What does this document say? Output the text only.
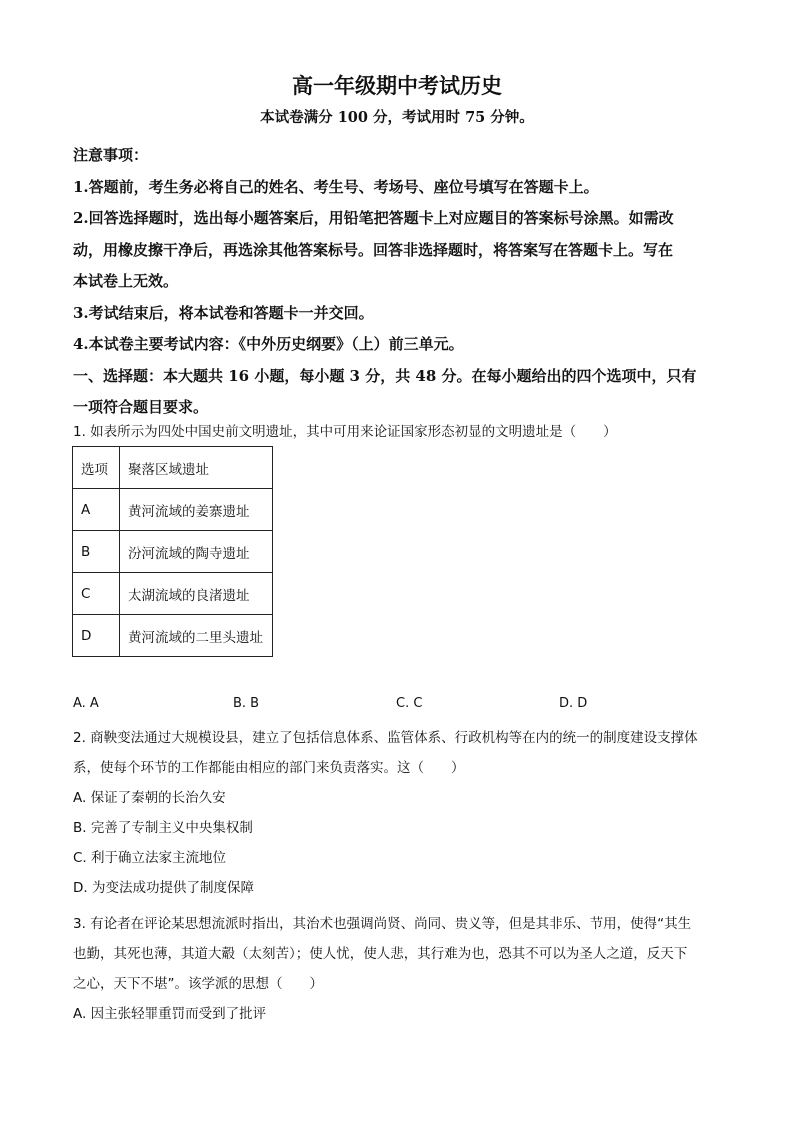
高一年级期中考试历史
本试卷满分 100 分，考试用时 75 分钟。

注意事项：

1.答题前，考生务必将自己的姓名、考生号、考场号、座位号填写在答题卡上。

2.回答选择题时，选出每小题答案后，用铅笔把答题卡上对应题目的答案标号涂黑。如需改

动，用橡皮擦干净后，再选涂其他答案标号。回答非选择题时，将答案写在答题卡上。写在

本试卷上无效。

3.考试结束后，将本试卷和答题卡一并交回。

4.本试卷主要考试内容：《中外历史纲要》（上）前三单元。

一、选择题：本大题共 16 小题，每小题 3 分，共 48 分。在每小题给出的四个选项中，只有

一项符合题目要求。

1. 如表所示为四处中国史前文明遗址，其中可用来论证国家形态初显的文明遗址是（　　）
选项	聚落区域遗址
A	黄河流域的姜寨遗址
B	汾河流域的陶寺遗址
C	太湖流域的良渚遗址
D	黄河流域的二里头遗址
A. A	B. B	C. C	D. D

2. 商鞅变法通过大规模设县，建立了包括信息体系、监管体系、行政机构等在内的统一的制度建设支撑体

系，使每个环节的工作都能由相应的部门来负责落实。这（　　）

A. 保证了秦朝的长治久安

B. 完善了专制主义中央集权制

C. 利于确立法家主流地位

D. 为变法成功提供了制度保障

3. 有论者在评论某思想流派时指出，其治术也强调尚贤、尚同、贵义等，但是其非乐、节用，使得“其生

也勤，其死也薄，其道大觳（太刻苦）；使人忧，使人悲，其行难为也，恐其不可以为圣人之道，反天下

之心，天下不堪”。该学派的思想（　　）

A. 因主张轻罪重罚而受到了批评
